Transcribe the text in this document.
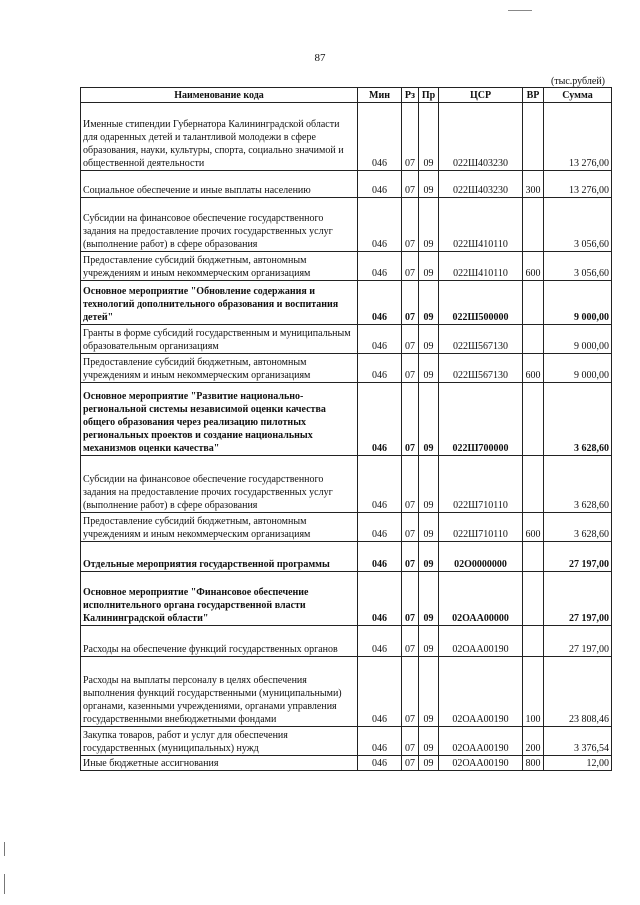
87
(тыс.рублей)
Наименование кода	Мин	Рз	Пр	ЦСР	ВР	Сумма
Именные стипендии Губернатора Калининградской области для одаренных детей и талантливой молодежи в сфере образования, науки, культуры, спорта, социально значимой и общественной деятельности	046	07	09	022Ш403230		13 276,00
Социальное обеспечение и иные выплаты населению	046	07	09	022Ш403230	300	13 276,00
Субсидии на финансовое обеспечение государственного задания на предоставление прочих государственных услуг (выполнение работ) в сфере образования	046	07	09	022Ш410110		3 056,60
Предоставление субсидий бюджетным, автономным учреждениям и иным некоммерческим организациям	046	07	09	022Ш410110	600	3 056,60
Основное мероприятие "Обновление содержания и технологий дополнительного образования и воспитания детей"	046	07	09	022Ш500000		9 000,00
Гранты в форме субсидий государственным и муниципальным образовательным организациям	046	07	09	022Ш567130		9 000,00
Предоставление субсидий бюджетным, автономным учреждениям и иным некоммерческим организациям	046	07	09	022Ш567130	600	9 000,00
Основное мероприятие "Развитие национально-региональной системы независимой оценки качества общего образования через реализацию пилотных региональных проектов и создание национальных механизмов оценки качества"	046	07	09	022Ш700000		3 628,60
Субсидии на финансовое обеспечение государственного задания на предоставление прочих государственных услуг (выполнение работ) в сфере образования	046	07	09	022Ш710110		3 628,60
Предоставление субсидий бюджетным, автономным учреждениям и иным некоммерческим организациям	046	07	09	022Ш710110	600	3 628,60
Отдельные мероприятия государственной программы	046	07	09	02О0000000		27 197,00
Основное мероприятие "Финансовое обеспечение исполнительного органа государственной власти Калининградской области"	046	07	09	02ОАА00000		27 197,00
Расходы на обеспечение функций государственных органов	046	07	09	02ОАА00190		27 197,00
Расходы на выплаты персоналу в целях обеспечения выполнения функций государственными (муниципальными) органами, казенными учреждениями, органами управления государственными внебюджетными фондами	046	07	09	02ОАА00190	100	23 808,46
Закупка товаров, работ и услуг для обеспечения государственных (муниципальных) нужд	046	07	09	02ОАА00190	200	3 376,54
Иные бюджетные ассигнования	046	07	09	02ОАА00190	800	12,00
